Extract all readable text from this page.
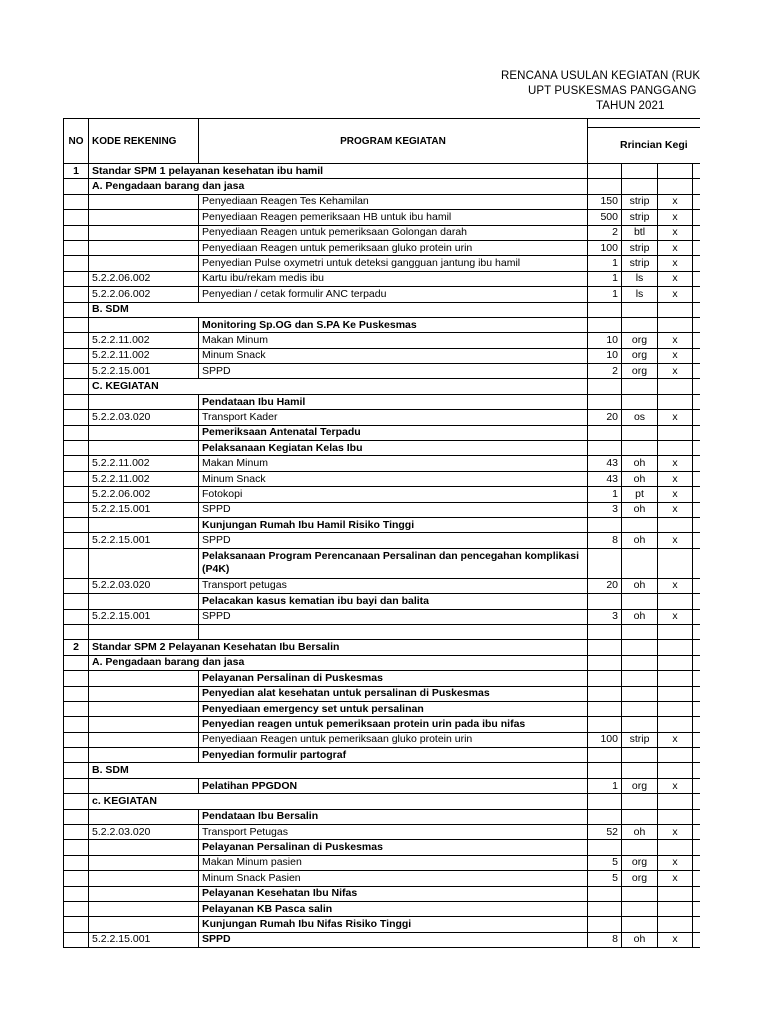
RENCANA USULAN KEGIATAN (RUK
UPT PUSKESMAS PANGGANG
TAHUN 2021
NO	KODE REKENING	PROGRAM KEGIATAN				
			Rrincian Kegi			
1	Standar SPM 1 pelayanan kesehatan ibu hamil					
	A. Pengadaan barang dan jasa					
		Penyediaan Reagen Tes Kehamilan	150	strip	x	
		Penyediaan Reagen pemeriksaan HB untuk ibu hamil	500	strip	x	
		Penyediaan Reagen untuk pemeriksaan Golongan darah	2	btl	x	
		Penyediaan Reagen untuk pemeriksaan gluko protein urin	100	strip	x	
		Penyedian Pulse oxymetri untuk deteksi gangguan jantung ibu hamil	1	strip	x	
	5.2.2.06.002	Kartu ibu/rekam medis ibu	1	ls	x	
	5.2.2.06.002	Penyedian / cetak formulir ANC terpadu	1	ls	x	
	B. SDM					
		Monitoring Sp.OG dan S.PA Ke Puskesmas				
	5.2.2.11.002	Makan Minum	10	org	x	
	5.2.2.11.002	Minum Snack	10	org	x	
	5.2.2.15.001	SPPD	2	org	x	
	C. KEGIATAN					
		Pendataan Ibu Hamil				
	5.2.2.03.020	Transport Kader	20	os	x	
		Pemeriksaan Antenatal Terpadu				
		Pelaksanaan Kegiatan Kelas Ibu				
	5.2.2.11.002	Makan Minum	43	oh	x	
	5.2.2.11.002	Minum Snack	43	oh	x	
	5.2.2.06.002	Fotokopi	1	pt	x	
	5.2.2.15.001	SPPD	3	oh	x	
		Kunjungan Rumah Ibu Hamil Risiko Tinggi				
	5.2.2.15.001	SPPD	8	oh	x	
		Pelaksanaan Program Perencanaan Persalinan dan pencegahan komplikasi (P4K)				
	5.2.2.03.020	Transport petugas	20	oh	x	
		Pelacakan kasus kematian ibu bayi dan balita				
	5.2.2.15.001	SPPD	3	oh	x	

2	Standar SPM 2 Pelayanan Kesehatan Ibu Bersalin					
	A. Pengadaan barang dan jasa					
		Pelayanan Persalinan di Puskesmas				
		Penyedian alat kesehatan untuk persalinan di Puskesmas				
		Penyediaan emergency set untuk persalinan				
		Penyedian reagen untuk pemeriksaan protein urin pada ibu nifas				
		Penyediaan Reagen untuk pemeriksaan gluko protein urin	100	strip	x	
		Penyedian formulir partograf				
	B. SDM					
		Pelatihan PPGDON	1	org	x	
	c. KEGIATAN					
		Pendataan Ibu Bersalin				
	5.2.2.03.020	Transport Petugas	52	oh	x	
		Pelayanan Persalinan di Puskesmas				
		Makan Minum pasien	5	org	x	
		Minum Snack Pasien	5	org	x	
		Pelayanan Kesehatan Ibu Nifas				
		Pelayanan KB Pasca salin				
		Kunjungan Rumah Ibu Nifas Risiko Tinggi				
	5.2.2.15.001	SPPD	8	oh	x	
